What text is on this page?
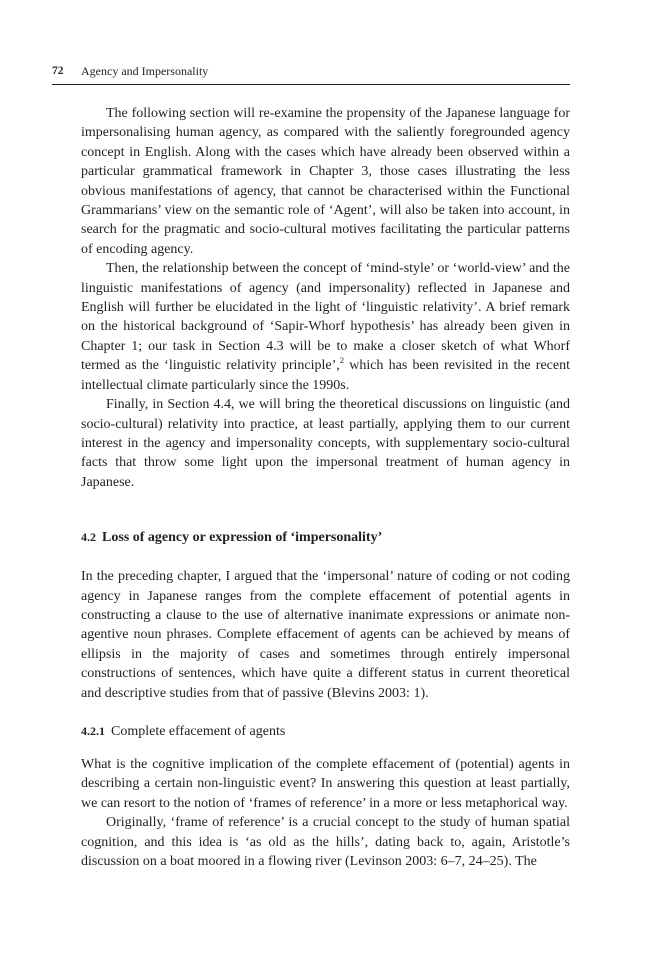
72 Agency and Impersonality

The following section will re-examine the propensity of the Japanese language for impersonalising human agency, as compared with the saliently foregrounded agency concept in English. Along with the cases which have already been observed within a particular grammatical framework in Chapter 3, those cases illustrating the less obvious manifestations of agency, that cannot be characterised within the Functional Grammarians’ view on the semantic role of ‘Agent’, will also be taken into account, in search for the pragmatic and socio-cultural motives facilitating the particular patterns of encoding agency.

Then, the relationship between the concept of ‘mind-style’ or ‘world-view’ and the linguistic manifestations of agency (and impersonality) reflected in Japanese and English will further be elucidated in the light of ‘linguistic relativity’. A brief remark on the historical background of ‘Sapir-Whorf hypothesis’ has already been given in Chapter 1; our task in Section 4.3 will be to make a closer sketch of what Whorf termed as the ‘linguistic relativity principle’,$^2$ which has been revisited in the recent intellectual climate particularly since the 1990s.

Finally, in Section 4.4, we will bring the theoretical discussions on linguistic (and socio-cultural) relativity into practice, at least partially, applying them to our current interest in the agency and impersonality concepts, with supplementary socio-cultural facts that throw some light upon the impersonal treatment of human agency in Japanese.

4.2 Loss of agency or expression of ‘impersonality’

In the preceding chapter, I argued that the ‘impersonal’ nature of coding or not coding agency in Japanese ranges from the complete effacement of potential agents in constructing a clause to the use of alternative inanimate expressions or animate non-agentive noun phrases. Complete effacement of agents can be achieved by means of ellipsis in the majority of cases and sometimes through entirely impersonal constructions of sentences, which have quite a different status in current theoretical and descriptive studies from that of passive (Blevins 2003: 1).

4.2.1 Complete effacement of agents

What is the cognitive implication of the complete effacement of (potential) agents in describing a certain non-linguistic event? In answering this question at least partially, we can resort to the notion of ‘frames of reference’ in a more or less metaphorical way.

Originally, ‘frame of reference’ is a crucial concept to the study of human spatial cognition, and this idea is ‘as old as the hills’, dating back to, again, Aristotle’s discussion on a boat moored in a flowing river (Levinson 2003: 6–7, 24–25). The
